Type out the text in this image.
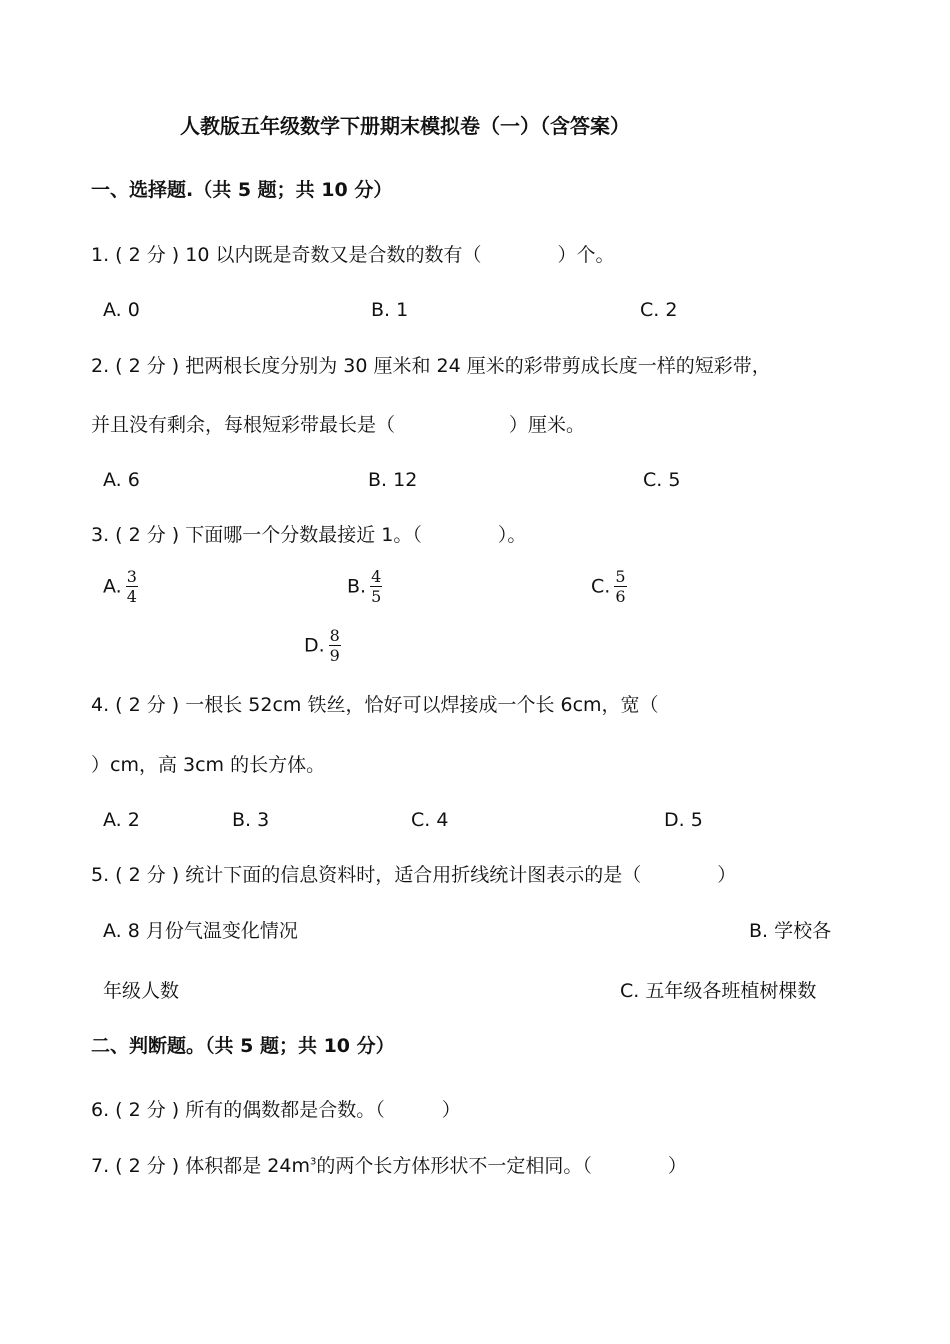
人教版五年级数学下册期末模拟卷（一）（含答案）
一、选择题.（共 5 题；共 10 分）
1. ( 2 分 ) 10 以内既是奇数又是合数的数有（　　　　）个。
A. 0	B. 1	C. 2
2. ( 2 分 ) 把两根长度分别为 30 厘米和 24 厘米的彩带剪成长度一样的短彩带，
并且没有剩余，每根短彩带最长是（　　　　　　）厘米。
A. 6	B. 12	C. 5
3. ( 2 分 ) 下面哪一个分数最接近 1。（　　　　）。
A. $\frac{3}{4}$	B. $\frac{4}{5}$	C. $\frac{5}{6}$
D. $\frac{8}{9}$
4. ( 2 分 ) 一根长 52cm 铁丝，恰好可以焊接成一个长 6cm，宽（
）cm，高 3cm 的长方体。
A. 2	B. 3	C. 4	D. 5
5. ( 2 分 ) 统计下面的信息资料时，适合用折线统计图表示的是（　　　　）
A. 8 月份气温变化情况	B. 学校各
年级人数	C. 五年级各班植树棵数
二、判断题。（共 5 题；共 10 分）
6. ( 2 分 ) 所有的偶数都是合数。（　　　）
7. ( 2 分 ) 体积都是 $24m^3$的两个长方体形状不一定相同。（　　　　）
